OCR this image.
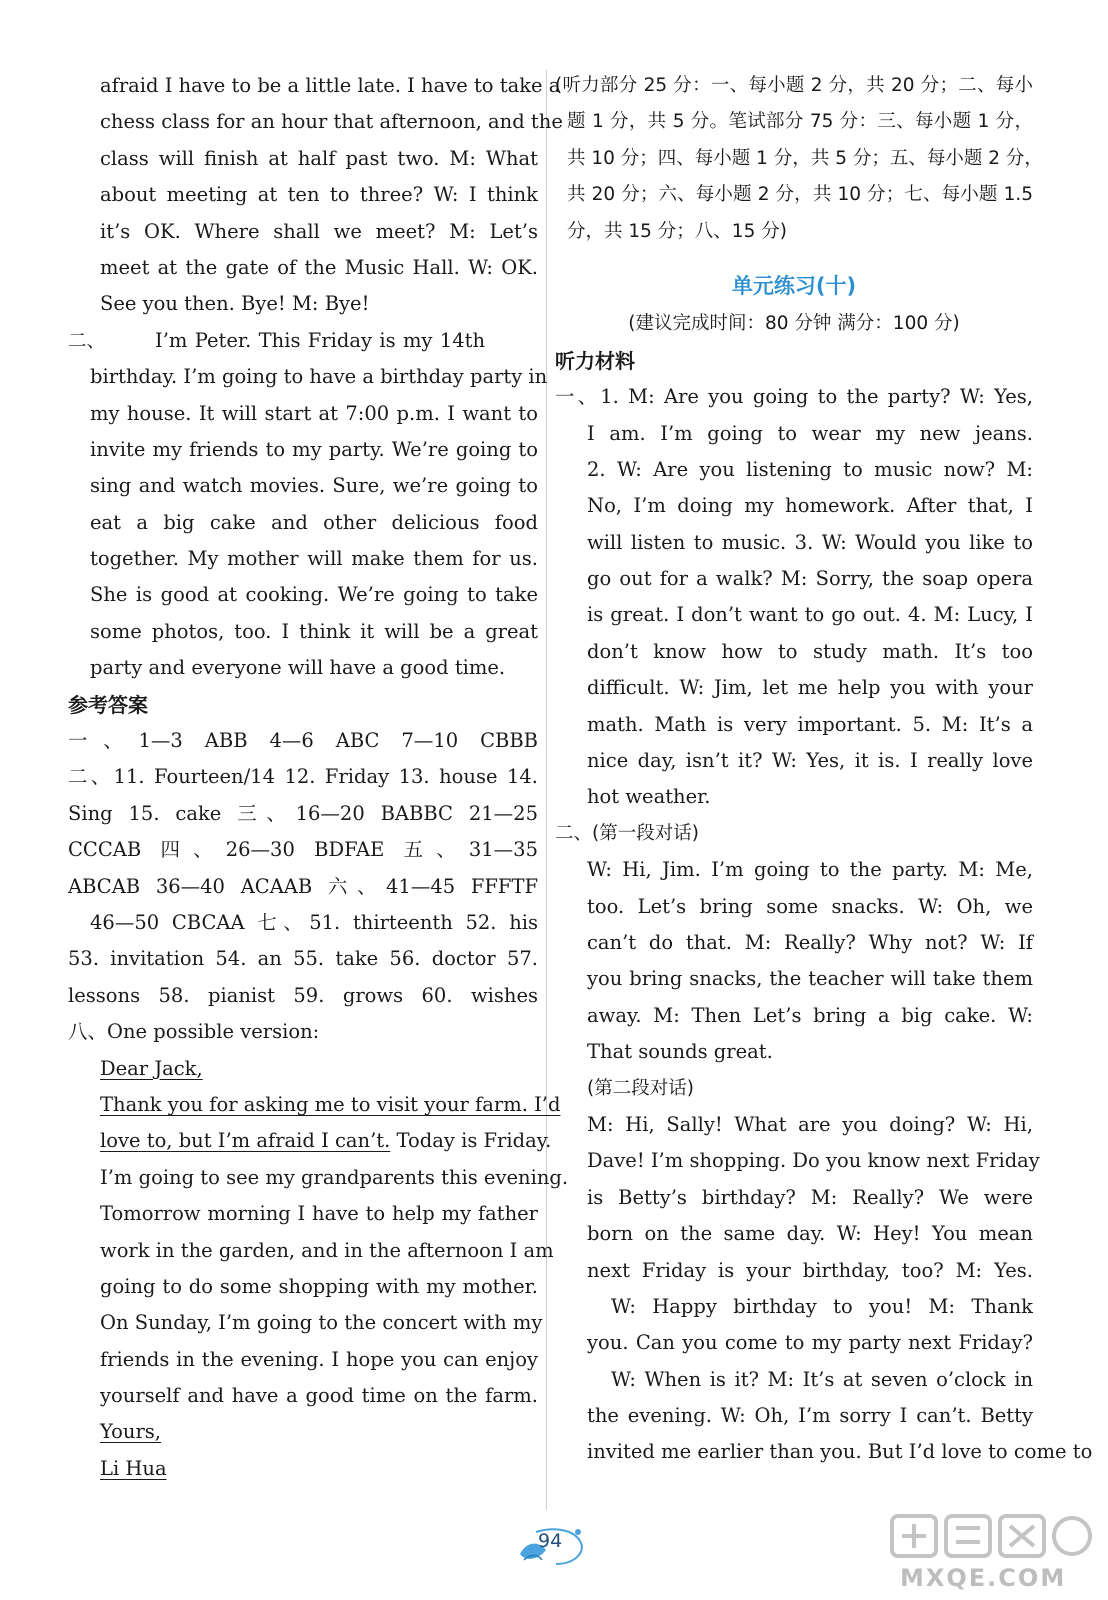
afraid I have to be a little late. I have to take a
chess class for an hour that afternoon, and the
class will finish at half past two. M: What
about meeting at ten to three? W: I think
it’s OK. Where shall we meet? M: Let’s
meet at the gate of the Music Hall. W: OK.
See you then. Bye! M: Bye!
二、	I’m Peter. This Friday is my 14th
birthday. I’m going to have a birthday party in
my house. It will start at 7:00 p.m. I want to
invite my friends to my party. We’re going to
sing and watch movies. Sure, we’re going to
eat a big cake and other delicious food
together. My mother will make them for us.
She is good at cooking. We’re going to take
some photos, too. I think it will be a great
party and everyone will have a good time.
参考答案
一、1—3 ABB 4—6 ABC 7—10 CBBB
二、11. Fourteen/14 12. Friday 13. house 14.
Sing 15. cake 三、16—20 BABBC 21—25
CCCAB 四、26—30 BDFAE 五、31—35
ABCAB 36—40 ACAAB 六、41—45 FFFTF
46—50 CBCAA 七、51. thirteenth 52. his
53. invitation 54. an 55. take 56. doctor 57.
lessons 58. pianist 59. grows 60. wishes
八、One possible version:
Dear Jack,
Thank you for asking me to visit your farm. I’d
love to, but I’m afraid I can’t. Today is Friday.
I’m going to see my grandparents this evening.
Tomorrow morning I have to help my father
work in the garden, and in the afternoon I am
going to do some shopping with my mother.
On Sunday, I’m going to the concert with my
friends in the evening. I hope you can enjoy
yourself and have a good time on the farm.
Yours,
Li Hua
(听力部分 25 分：一、每小题 2 分，共 20 分；二、每小
题 1 分，共 5 分。笔试部分 75 分：三、每小题 1 分，
共 10 分；四、每小题 1 分，共 5 分；五、每小题 2 分，
共 20 分；六、每小题 2 分，共 10 分；七、每小题 1.5
分，共 15 分；八、15 分)
单元练习(十)
(建议完成时间：80 分钟 满分：100 分)
听力材料
一、1. M: Are you going to the party? W: Yes,
I am. I’m going to wear my new jeans.
2. W: Are you listening to music now? M:
No, I’m doing my homework. After that, I
will listen to music. 3. W: Would you like to
go out for a walk? M: Sorry, the soap opera
is great. I don’t want to go out. 4. M: Lucy, I
don’t know how to study math. It’s too
difficult. W: Jim, let me help you with your
math. Math is very important. 5. M: It’s a
nice day, isn’t it? W: Yes, it is. I really love
hot weather.
二、(第一段对话)
W: Hi, Jim. I’m going to the party. M: Me,
too. Let’s bring some snacks. W: Oh, we
can’t do that. M: Really? Why not? W: If
you bring snacks, the teacher will take them
away. M: Then Let’s bring a big cake. W:
That sounds great.
(第二段对话)
M: Hi, Sally! What are you doing? W: Hi,
Dave! I’m shopping. Do you know next Friday
is Betty’s birthday? M: Really? We were
born on the same day. W: Hey! You mean
next Friday is your birthday, too? M: Yes.
W: Happy birthday to you! M: Thank
you. Can you come to my party next Friday?
W: When is it? M: It’s at seven o’clock in
the evening. W: Oh, I’m sorry I can’t. Betty
invited me earlier than you. But I’d love to come to
94
MXQE.COM
